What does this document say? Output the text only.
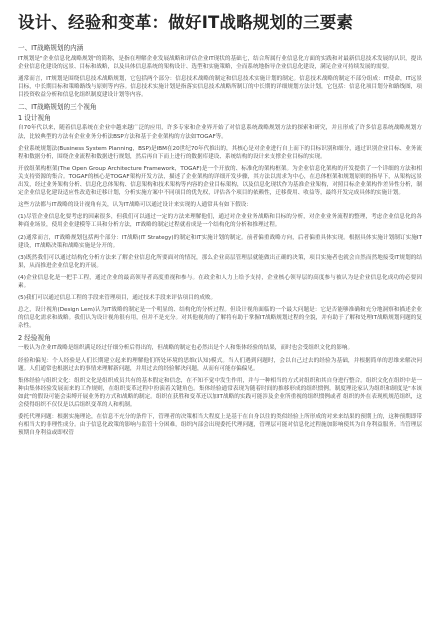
设计、经验和变革：做好IT战略规划的三要素
一、IT战略规划的内涵

IT规划是"企业信息化战略规划"的简称，是指在理解企业发展战略和评估企业IT现状的基础七，结合所属行业信息化方面的实践和对最新信息技术发展的认识，提出企业信息化建设的远景、目标和战略，以及具体信息系统的架构设计、选型和实施策略，全而系统地指导企业信息化建设，满足企业可持续发展的需要。

通常而言，IT规划是围绕信息技术战略规划，它包括两个部分：信息技术战略的制定和信息技术实施计划的制定。信息技术战略的制定不部分组成：IT使命，IT远景目标，中长期目标和策略路线与原则等内容。信息技术实施计划是指落实信息技术战略所制订的中长期的详细规划方法计划，它包括：信息化项目划分和路线图，项目投资收益分析和信息化组织制度建设计划等内容。

二、IT战略规划的三个视角
1 设计视角

自70年代以来，随着信息系统在企业中越来越广泛的应用，许多专家和企业界开始了对信息系统战略规划方法的探索和研究，并且形成了许多信息系统战略规划方法，比较典型的方法有企业业务分析法BSP方法和基于企业架构的方法如TOGAF等。

企业系统规划法(Business System Planning，BSP)是IBM在20世纪70年代推出的，其核心是对企业进行自上而下的目标识别和细分，通过识别企业目标、业务流程和数据分析，围绕企业流程和数据进行规划，然后再自下而上进行的数据库建设、系统结构的设计来支撑企业目标的实现。

开放组架构框架(The Open Group Architecture Framework，TOGAF)是一个开放的、标准化的架构框架。为企业信息化架构的开发提供了一个详细的方法和相关支持资源的集合。TOGAF的核心是TOGAF架构开发方法，描述了企业架构的详细开发步骤，其方法以需求为中心，在总体框架和规划原则的指导下，从架构远景出发，经过业务架构分析、信息化总体架构、信息架构和技术架构等内容的企业目标架构，以及信息化现状作为基准企业架构，对照目标企业架构作差异性分析，制定企业信息化建设适应性改造和迁移计划，分析实施方案中不同项目的优先权，评估各个项目的依赖性，迁移费用、收益等，最终开发完成具体的实施计划。

这些方法都与IT战略的设计视角有关，认为IT战略可以通过设计来实现的人通常具有如下假设：

(1)尽管企业信息化要考虑的因素很多，但我们可以通过一定的方法来理解他们，通过对企业业务战略和目标的分析，对企业业务流程的整理，考虑企业信息化的各种商业场景，使用企业建模等工具和分析方法，IT战略的制定过程就看成是一个结构化的分析和推理过程。

(2)通常而言，IT战略规划包括两个部分：IT战略(IT Strategy)的制定和IT实施计划的制定。前者偏重战略方向，后者偏重具体实现。根据具体实施计划制订实施IT建设，IT战略决策和战略实施是分开的。

(3)既然我们可以通过结构化分析方法来了解企业信息化所要面对的情况，那么企业高层管理层就能做出正确的决策，项目实施者也就会自然而然地接受IT规划的结果，从而推进企业信息化的开展。

(4)企业信息化是一把手工程，通过企业的最高领导者高度重视和参与。在政企和人力上给予支持，企业核心领导层的高度参与被认为是企业信息化成功的必要因素。

(5)我们可以通过信息工程的手段来管理项目，通过技术手段来评估项目的成败。

总之，设计视角(Design Lem)认为IT战略的制定是一个明显的、结构化的分析过程。但设计视角面临的一个最大问题是：它是否能够准确和充分地洞察和描述企业的信息化需求和战略。我们认为设计视角很有用，但并不是充分。对其他视角的了解将有助于掌握IT战略规划过程的全貌，并有助于了解和处理IT战略规划问题的复杂性。

2 经验视角

一般认为企业IT战略是组织满足经过仔细分析后得出的，但战略的制定也必然出是个人和集体经验的结果，而时也会受组织文化的影响。

经验和偏见：个人经验是人们长期建立起来的理解他们所处环境的思维(认知)模式。当人们遇到问题时，会以自己过去的经验为基础，并根据简单的思维来解决问题。人们通常也根据过去的事情来理解新问题，并用过去的经验解决问题，从而有可能存偏偏见。

集体经验与组织文化：组织文化是组织成员共有的基本假定和信念，在不知不觉中发生作用，并与一种相当的方式对组织和其自身进行整合。组织文化在组织中是一种由集体经验发展而来的工作规则，在组织变革过程中扮演着关键角色。集体经验通常表现为随着时间的推移形成的组织惯例。制度理论家认为组织和制度是"本该如此"的假设可能会束缚开展业务的方式和战略的制定。组织在获胜和变革还以加IT战略的实践可能涉及企业所重视的组织惯例或者 组织的外在表现机规范组织，这会使得组织不仅仅是以后组织变革的人和机制。

委托代理问题：根据实施理论，在信息不充分的条件下，管理者的决策相当大程度上是基于在自身以往的类似经验上所形成的对来来结果的预期上的，这种预期即带有相当大的非理性成分。由于信息化政策的影响与监管十分困难，组织内部会出现委托代理问题，管理层可能对信息化过程施加影响使其为自身利益服务。当管理层预期自身利益或即权管
